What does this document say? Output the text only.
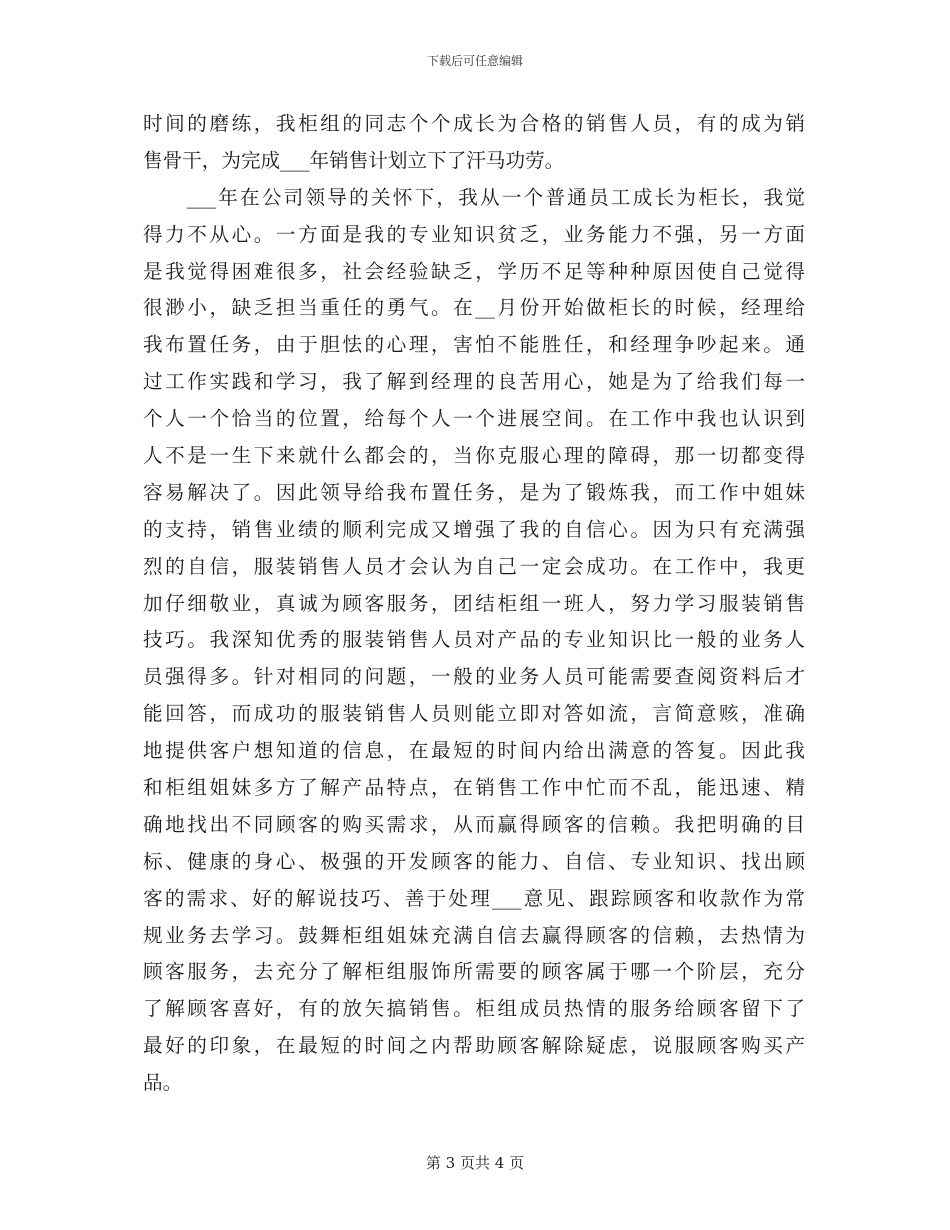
下载后可任意编辑
时间的磨练，我柜组的同志个个成长为合格的销售人员，有的成为销
售骨干，为完成___年销售计划立下了汗马功劳。
　　___年在公司领导的关怀下，我从一个普通员工成长为柜长，我觉
得力不从心。一方面是我的专业知识贫乏，业务能力不强，另一方面
是我觉得困难很多，社会经验缺乏，学历不足等种种原因使自己觉得
很渺小，缺乏担当重任的勇气。在__月份开始做柜长的时候，经理给
我布置任务，由于胆怯的心理，害怕不能胜任，和经理争吵起来。通
过工作实践和学习，我了解到经理的良苦用心，她是为了给我们每一
个人一个恰当的位置，给每个人一个进展空间。在工作中我也认识到
人不是一生下来就什么都会的，当你克服心理的障碍，那一切都变得
容易解决了。因此领导给我布置任务，是为了锻炼我，而工作中姐妹
的支持，销售业绩的顺利完成又增强了我的自信心。因为只有充满强
烈的自信，服装销售人员才会认为自己一定会成功。在工作中，我更
加仔细敬业，真诚为顾客服务，团结柜组一班人，努力学习服装销售
技巧。我深知优秀的服装销售人员对产品的专业知识比一般的业务人
员强得多。针对相同的问题，一般的业务人员可能需要查阅资料后才
能回答，而成功的服装销售人员则能立即对答如流，言简意赅，准确
地提供客户想知道的信息，在最短的时间内给出满意的答复。因此我
和柜组姐妹多方了解产品特点，在销售工作中忙而不乱，能迅速、精
确地找出不同顾客的购买需求，从而赢得顾客的信赖。我把明确的目
标、健康的身心、极强的开发顾客的能力、自信、专业知识、找出顾
客的需求、好的解说技巧、善于处理___意见、跟踪顾客和收款作为常
规业务去学习。鼓舞柜组姐妹充满自信去赢得顾客的信赖，去热情为
顾客服务，去充分了解柜组服饰所需要的顾客属于哪一个阶层，充分
了解顾客喜好，有的放矢搞销售。柜组成员热情的服务给顾客留下了
最好的印象，在最短的时间之内帮助顾客解除疑虑，说服顾客购买产
品。
第 3 页共 4 页
